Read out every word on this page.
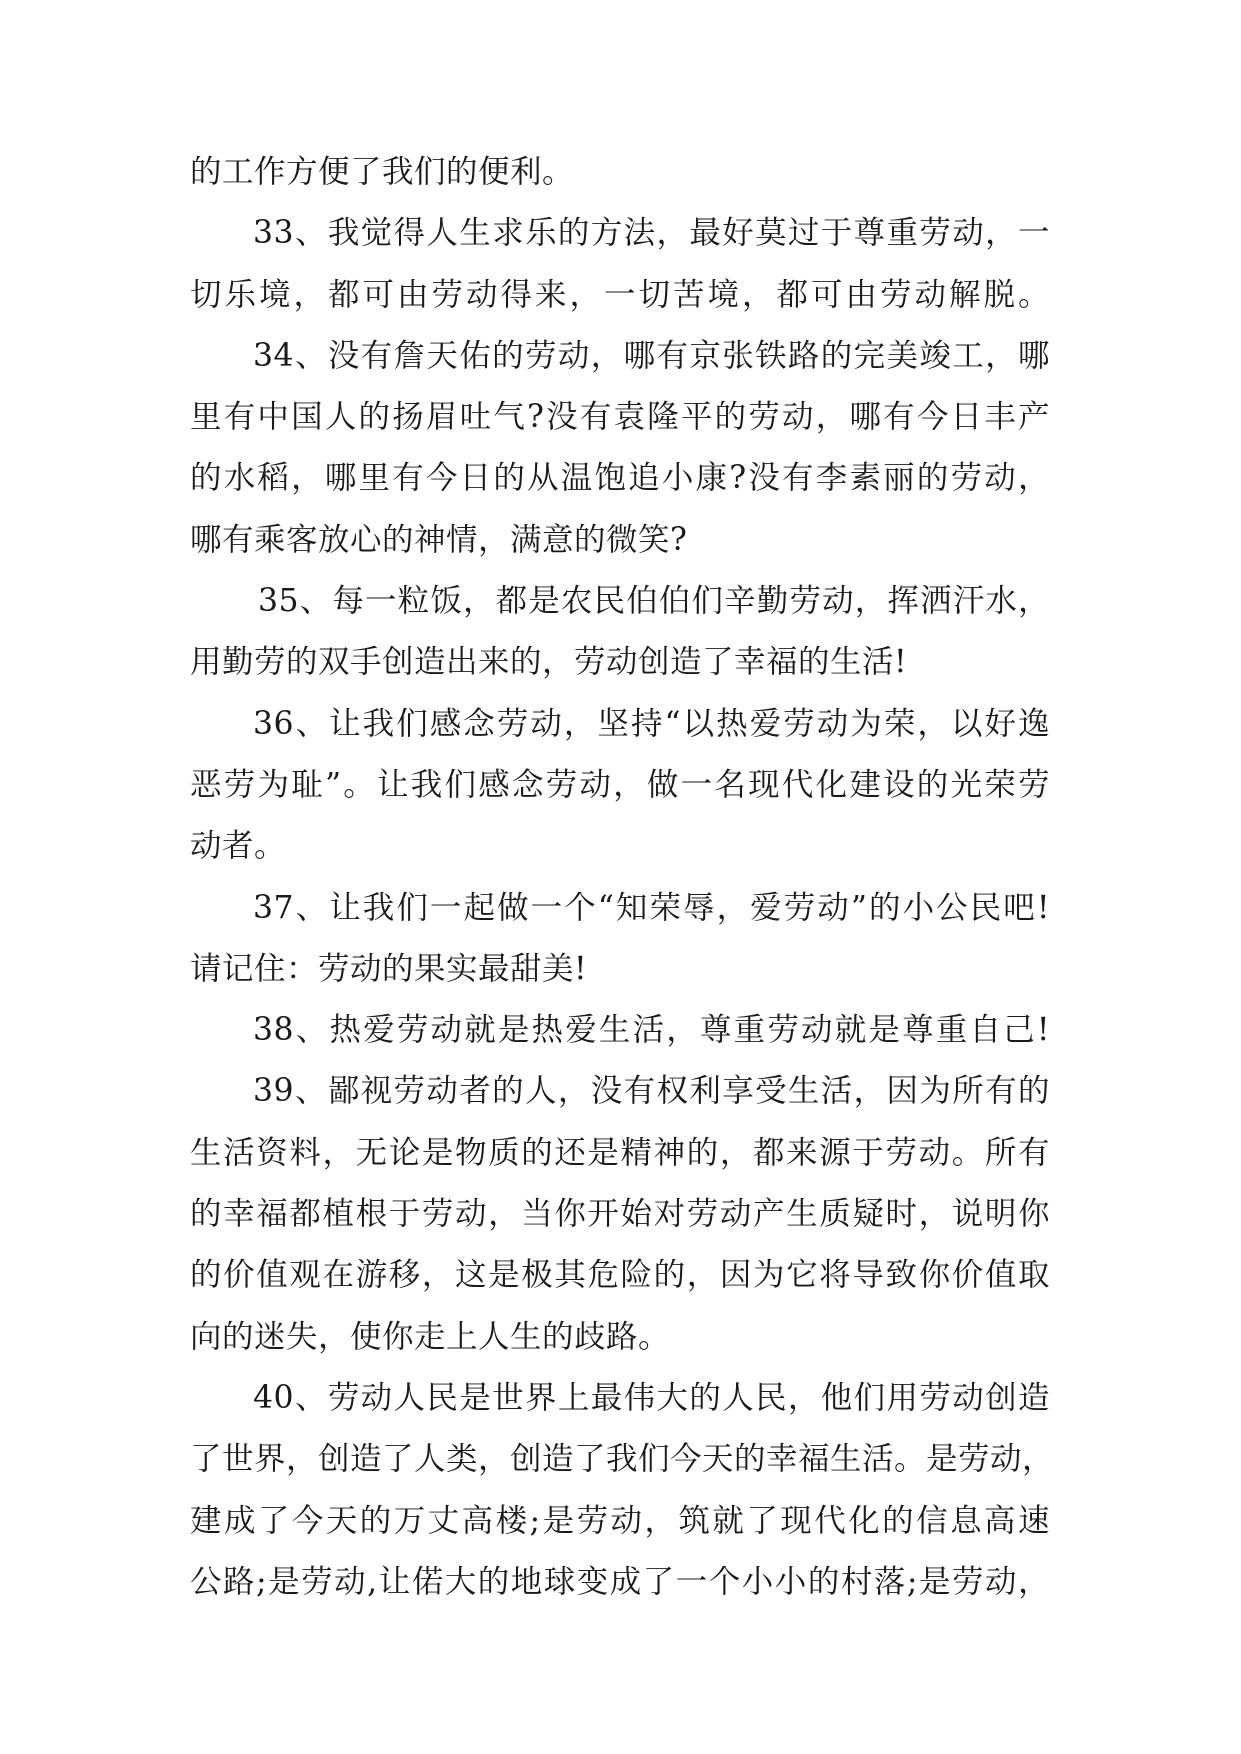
的工作方便了我们的便利。
33、我觉得人生求乐的方法，最好莫过于尊重劳动，一
切乐境，都可由劳动得来，一切苦境，都可由劳动解脱。
34、没有詹天佑的劳动，哪有京张铁路的完美竣工，哪
里有中国人的扬眉吐气?没有袁隆平的劳动，哪有今日丰产
的水稻，哪里有今日的从温饱追小康?没有李素丽的劳动，
哪有乘客放心的神情，满意的微笑?
35、每一粒饭，都是农民伯伯们辛勤劳动，挥洒汗水，
用勤劳的双手创造出来的，劳动创造了幸福的生活!
36、让我们感念劳动，坚持“以热爱劳动为荣，以好逸
恶劳为耻”。让我们感念劳动，做一名现代化建设的光荣劳
动者。
37、让我们一起做一个“知荣辱，爱劳动”的小公民吧!
请记住：劳动的果实最甜美!
38、热爱劳动就是热爱生活，尊重劳动就是尊重自己!
39、鄙视劳动者的人，没有权利享受生活，因为所有的
生活资料，无论是物质的还是精神的，都来源于劳动。所有
的幸福都植根于劳动，当你开始对劳动产生质疑时，说明你
的价值观在游移，这是极其危险的，因为它将导致你价值取
向的迷失，使你走上人生的歧路。
40、劳动人民是世界上最伟大的人民，他们用劳动创造
了世界，创造了人类，创造了我们今天的幸福生活。是劳动，
建成了今天的万丈高楼;是劳动，筑就了现代化的信息高速
公路;是劳动,让偌大的地球变成了一个小小的村落;是劳动，
